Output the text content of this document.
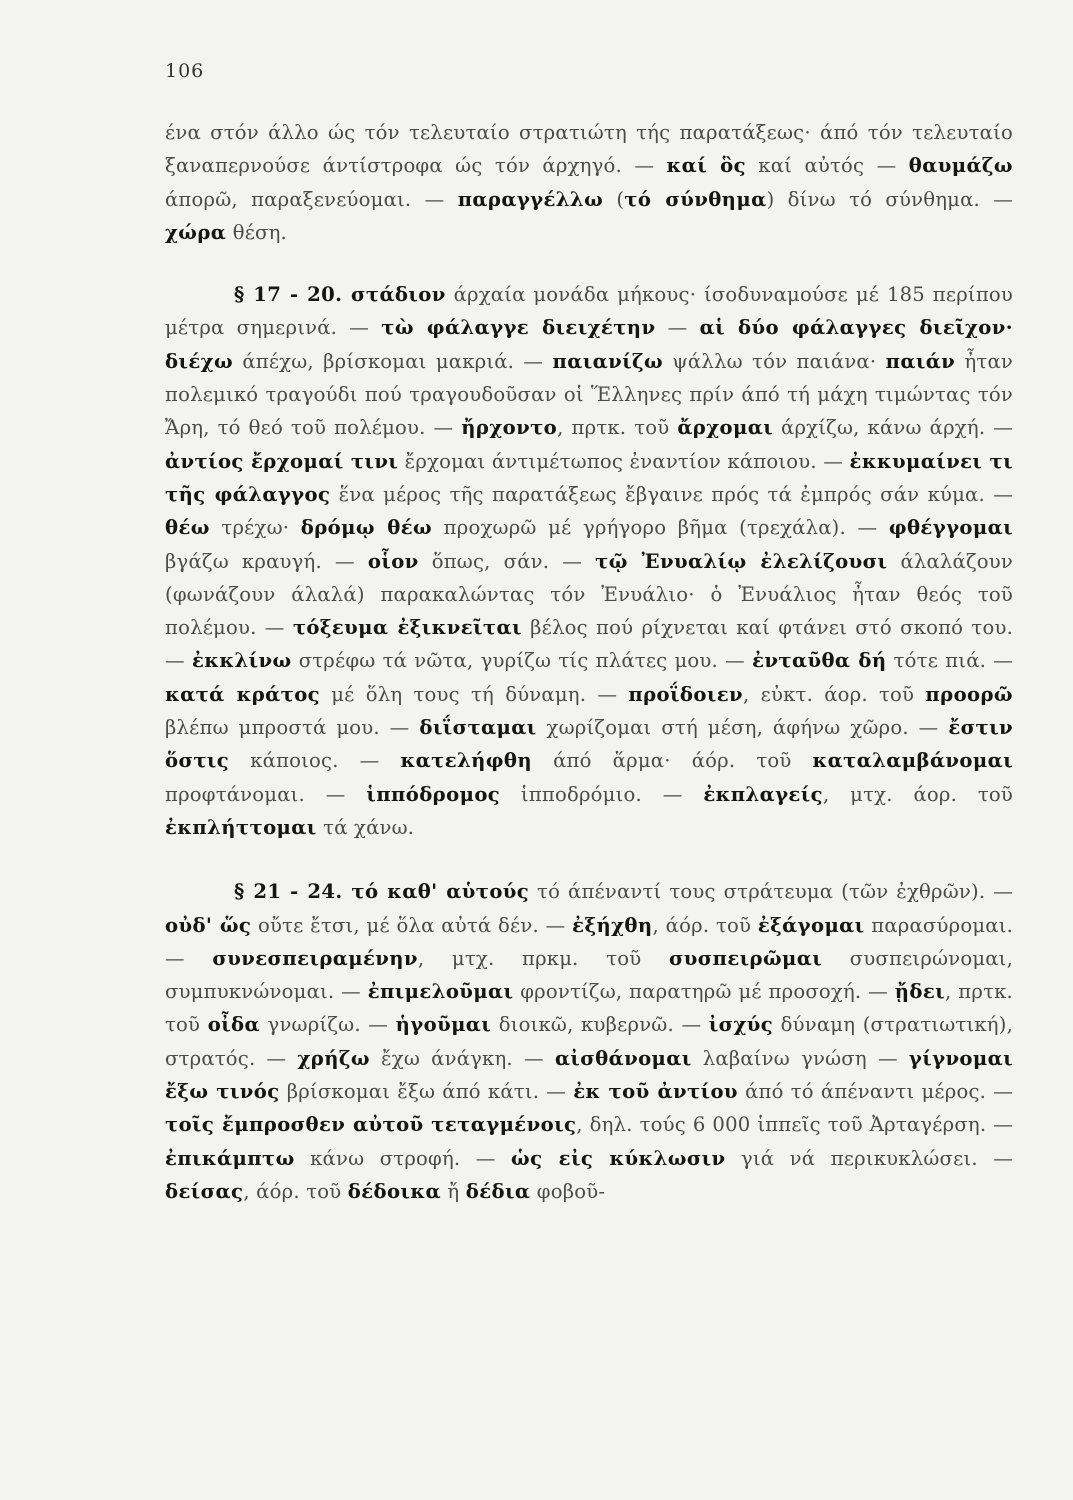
106

ένα στόν άλλο ώς τόν τελευταίο στρατιώτη τής παρατάξεως· άπό τόν τελευταίο ξαναπερνούσε άντίστροφα ώς τόν άρχηγό. — καί ὃς καί αὐτός — θαυμάζω άπορῶ, παραξενεύομαι. — παραγγέλλω (τό σύνθημα) δίνω τό σύνθημα. — χώρα θέση.

§ 17 - 20. στάδιον άρχαία μονάδα μήκους· ίσοδυναμούσε μέ 185 περίπου μέτρα σημερινά. — τὼ φάλαγγε διειχέτην — αἱ δύο φάλαγγες διεῖχον· διέχω άπέχω, βρίσκομαι μακριά. — παιανίζω ψάλλω τόν παιάνα· παιάν ἦταν πολεμικό τραγούδι πού τραγουδοῦσαν οἱ Ἕλληνες πρίν άπό τή μάχη τιμώντας τόν Ἄρη, τό θεό τοῦ πολέμου. — ἤρχοντο, πρτκ. τοῦ ἄρχομαι άρχίζω, κάνω άρχή. — ἀντίος ἔρχομαί τινι ἔρχομαι άντιμέτωπος ἐναντίον κάποιου. — ἐκκυμαίνει τι τῆς φάλαγγος ἕνα μέρος τῆς παρατάξεως ἔβγαινε πρός τά ἐμπρός σάν κύμα. — θέω τρέχω· δρόμῳ θέω προχωρῶ μέ γρήγορο βῆμα (τρεχάλα). — φθέγγομαι βγάζω κραυγή. — οἷον ὅπως, σάν. — τῷ Ἐνυαλίῳ ἐλελίζουσι άλαλάζουν (φωνάζουν άλαλά) παρακαλώντας τόν Ἐνυάλιο· ὁ Ἐνυάλιος ἦταν θεός τοῦ πολέμου. — τόξευμα ἐξικνεῖται βέλος πού ρίχνεται καί φτάνει στό σκοπό του. — ἐκκλίνω στρέφω τά νῶτα, γυρίζω τίς πλάτες μου. — ἐνταῦθα δή τότε πιά. — κατά κράτος μέ ὅλη τους τή δύναμη. — προΐδοιεν, εὐκτ. άορ. τοῦ προορῶ βλέπω μπροστά μου. — διΐσταμαι χωρίζομαι στή μέση, άφήνω χῶρο. — ἔστιν ὅστις κάποιος. — κατελήφθη άπό ἅρμα· άόρ. τοῦ καταλαμβάνομαι προφτάνομαι. — ἱππόδρομος ἱπποδρόμιο. — ἐκπλαγείς, μτχ. άορ. τοῦ ἐκπλήττομαι τά χάνω.

§ 21 - 24. τό καθ' αὑτούς τό άπέναντί τους στράτευμα (τῶν ἐχθρῶν). — οὐδ' ὥς οὔτε ἔτσι, μέ ὅλα αὐτά δέν. — ἐξήχθη, άόρ. τοῦ ἐξάγομαι παρασύρομαι. — συνεσπειραμένην, μτχ. πρκμ. τοῦ συσπειρῶμαι συσπειρώνομαι, συμπυκνώνομαι. — ἐπιμελοῦμαι φροντίζω, παρατηρῶ μέ προσοχή. — ᾔδει, πρτκ. τοῦ οἶδα γνωρίζω. — ἡγοῦμαι διοικῶ, κυβερνῶ. — ἰσχύς δύναμη (στρατιωτική), στρατός. — χρήζω ἔχω άνάγκη. — αἰσθάνομαι λαβαίνω γνώση — γίγνομαι ἔξω τινός βρίσκομαι ἔξω άπό κάτι. — ἐκ τοῦ ἀντίου άπό τό άπέναντι μέρος. — τοῖς ἔμπροσθεν αὐτοῦ τεταγμένοις, δηλ. τούς 6 000 ἱππεῖς τοῦ Ἀρταγέρση. — ἐπικάμπτω κάνω στροφή. — ὡς εἰς κύκλωσιν γιά νά περικυκλώσει. — δείσας, άόρ. τοῦ δέδοικα ἤ δέδια φοβοῦ-
